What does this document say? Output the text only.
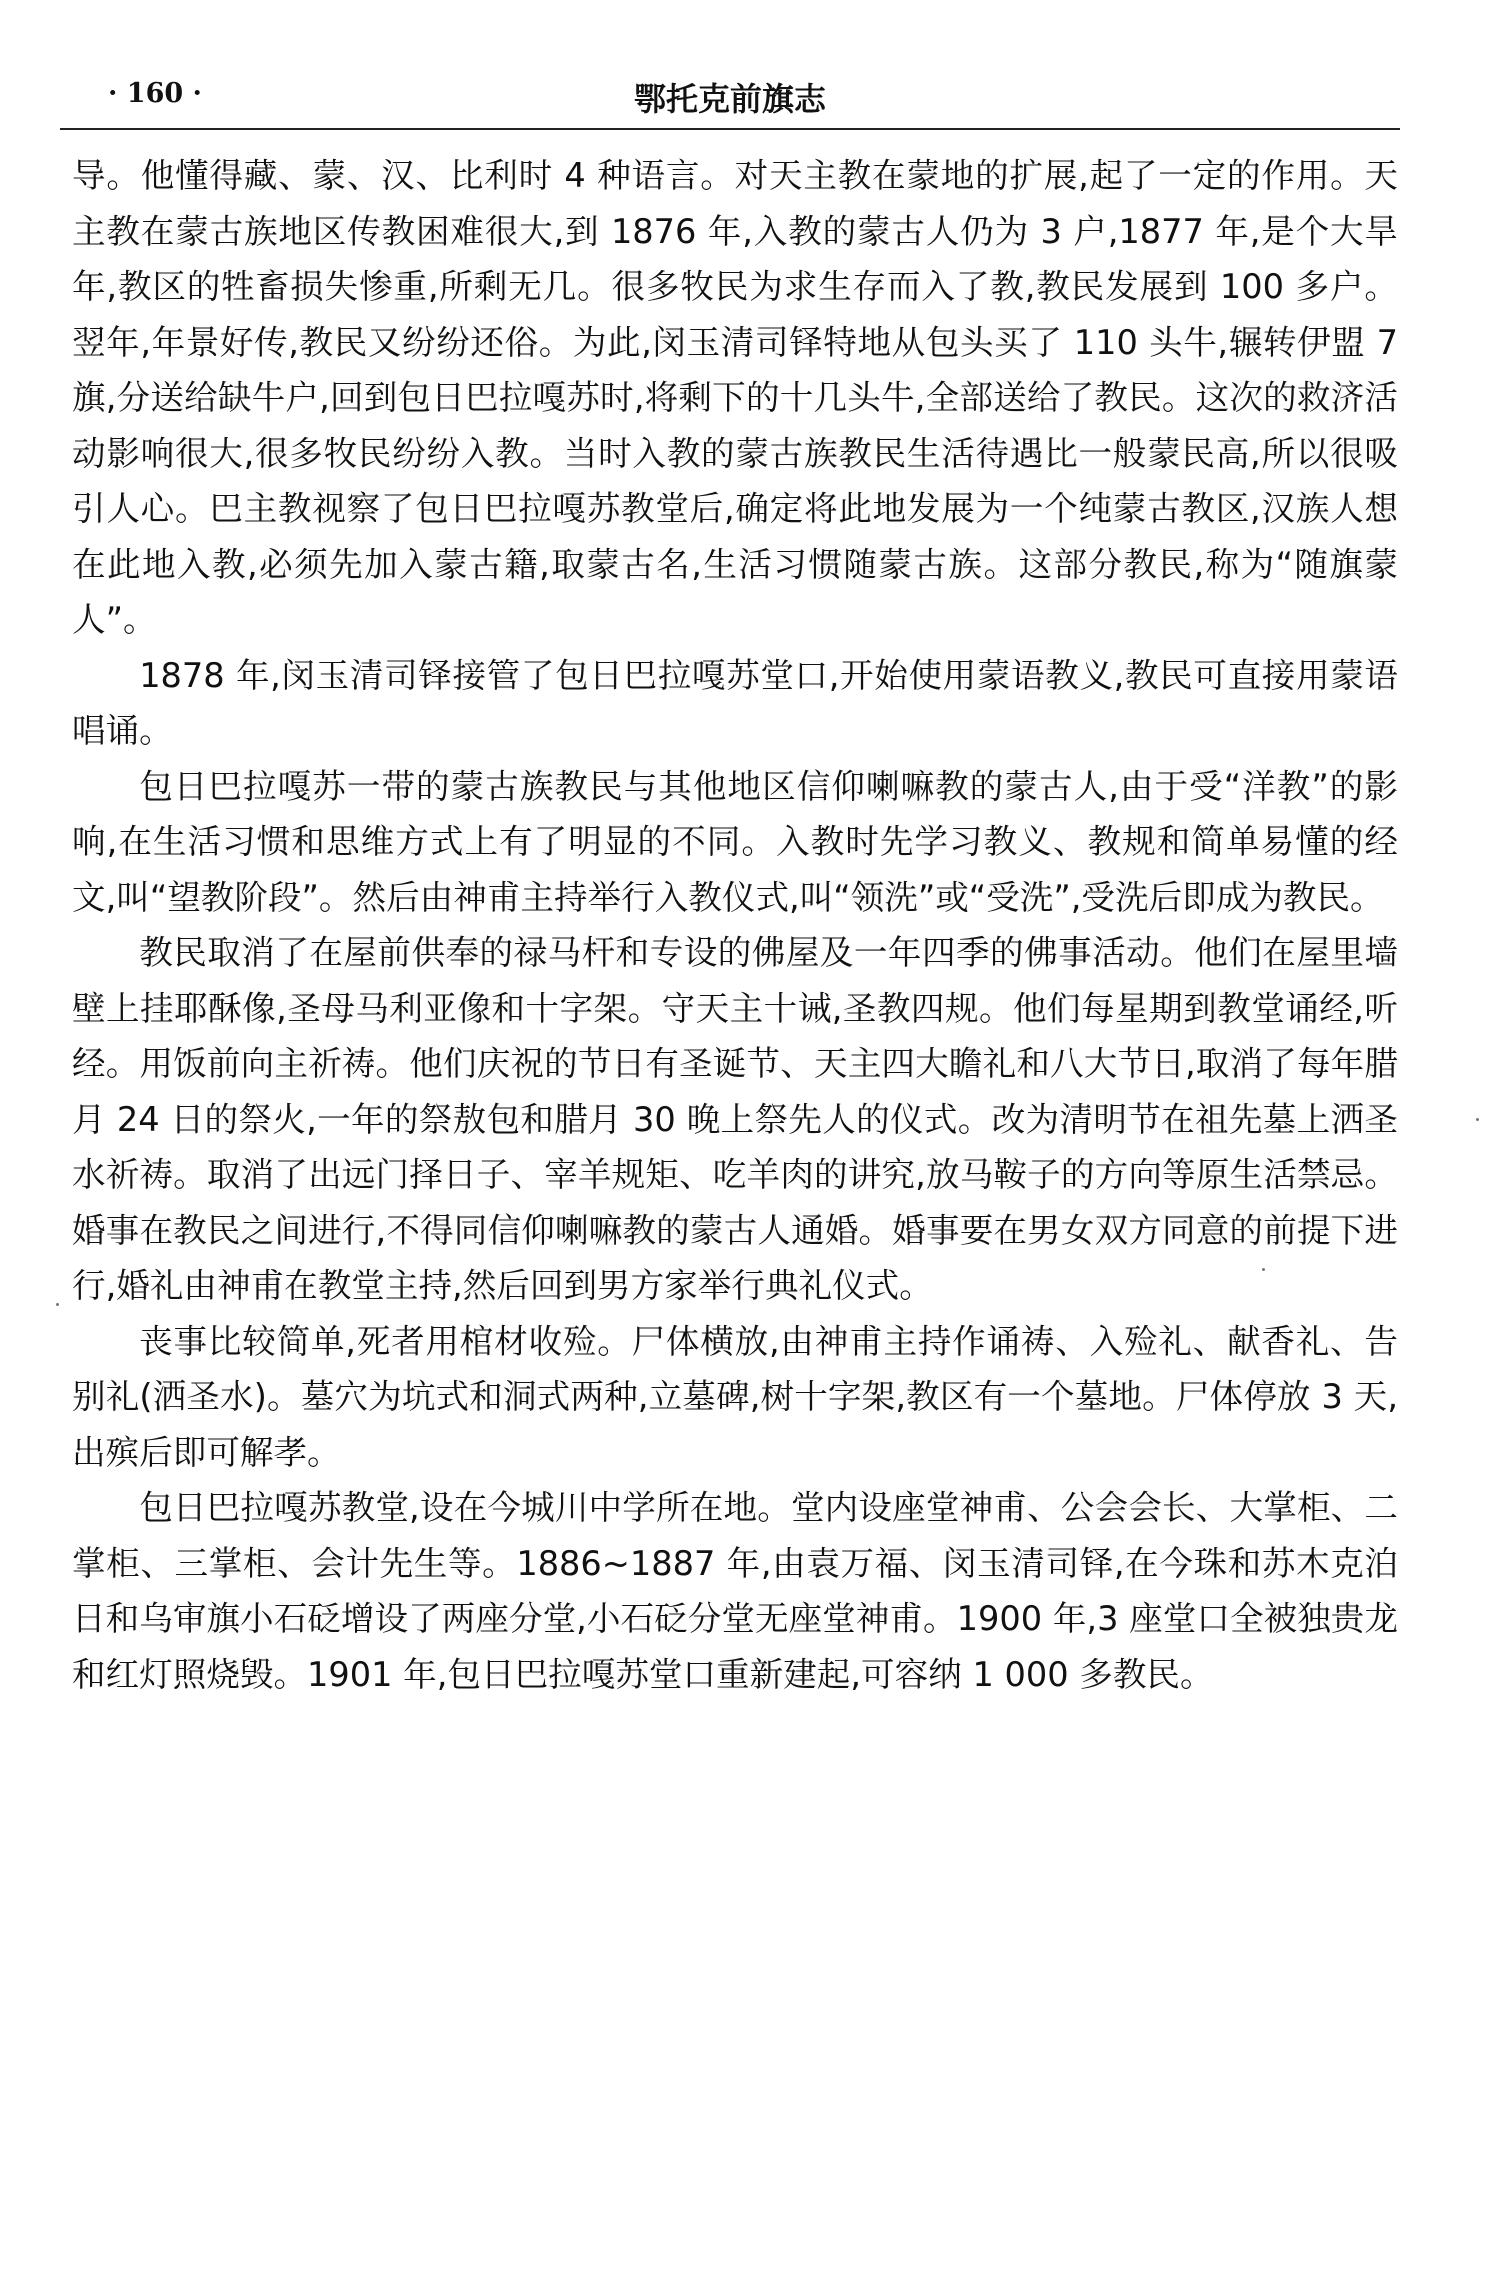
· 160 ·	鄂托克前旗志

导。他懂得藏、蒙、汉、比利时 4 种语言。对天主教在蒙地的扩展,起了一定的作用。天主教在蒙古族地区传教困难很大,到 1876 年,入教的蒙古人仍为 3 户,1877 年,是个大旱年,教区的牲畜损失惨重,所剩无几。很多牧民为求生存而入了教,教民发展到 100 多户。翌年,年景好传,教民又纷纷还俗。为此,闵玉清司铎特地从包头买了 110 头牛,辗转伊盟 7 旗,分送给缺牛户,回到包日巴拉嘎苏时,将剩下的十几头牛,全部送给了教民。这次的救济活动影响很大,很多牧民纷纷入教。当时入教的蒙古族教民生活待遇比一般蒙民高,所以很吸引人心。巴主教视察了包日巴拉嘎苏教堂后,确定将此地发展为一个纯蒙古教区,汉族人想在此地入教,必须先加入蒙古籍,取蒙古名,生活习惯随蒙古族。这部分教民,称为“随旗蒙人”。

1878 年,闵玉清司铎接管了包日巴拉嘎苏堂口,开始使用蒙语教义,教民可直接用蒙语唱诵。

包日巴拉嘎苏一带的蒙古族教民与其他地区信仰喇嘛教的蒙古人,由于受“洋教”的影响,在生活习惯和思维方式上有了明显的不同。入教时先学习教义、教规和简单易懂的经文,叫“望教阶段”。然后由神甫主持举行入教仪式,叫“领洗”或“受洗”,受洗后即成为教民。

教民取消了在屋前供奉的禄马杆和专设的佛屋及一年四季的佛事活动。他们在屋里墙壁上挂耶酥像,圣母马利亚像和十字架。守天主十诫,圣教四规。他们每星期到教堂诵经,听经。用饭前向主祈祷。他们庆祝的节日有圣诞节、天主四大瞻礼和八大节日,取消了每年腊月 24 日的祭火,一年的祭敖包和腊月 30 晚上祭先人的仪式。改为清明节在祖先墓上洒圣水祈祷。取消了出远门择日子、宰羊规矩、吃羊肉的讲究,放马鞍子的方向等原生活禁忌。婚事在教民之间进行,不得同信仰喇嘛教的蒙古人通婚。婚事要在男女双方同意的前提下进行,婚礼由神甫在教堂主持,然后回到男方家举行典礼仪式。

丧事比较简单,死者用棺材收殓。尸体横放,由神甫主持作诵祷、入殓礼、献香礼、告别礼(洒圣水)。墓穴为坑式和洞式两种,立墓碑,树十字架,教区有一个墓地。尸体停放 3 天,出殡后即可解孝。

包日巴拉嘎苏教堂,设在今城川中学所在地。堂内设座堂神甫、公会会长、大掌柜、二掌柜、三掌柜、会计先生等。1886~1887 年,由袁万福、闵玉清司铎,在今珠和苏木克泊日和乌审旗小石砭增设了两座分堂,小石砭分堂无座堂神甫。1900 年,3 座堂口全被独贵龙和红灯照烧毁。1901 年,包日巴拉嘎苏堂口重新建起,可容纳 1 000 多教民。
